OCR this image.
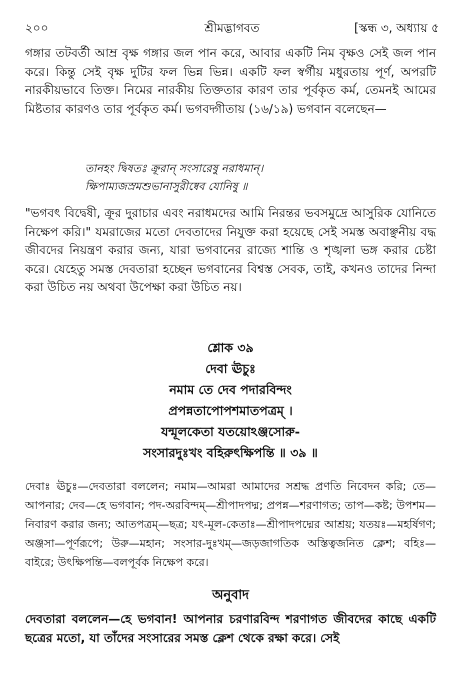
২০০	শ্রীমদ্ভাগবত	[স্কন্ধ ৩, অধ্যায় ৫

গঙ্গার তটবর্তী আম্র বৃক্ষ গঙ্গার জল পান করে, আবার একটি নিম বৃক্ষও সেই জল পান করে। কিন্তু সেই বৃক্ষ দুটির ফল ভিন্ন ভিন্ন। একটি ফল স্বর্গীয় মধুরতায় পূর্ণ, অপরটি নারকীয়ভাবে তিক্ত। নিমের নারকীয় তিক্ততার কারণ তার পূর্বকৃত কর্ম, তেমনই আমের মিষ্টতার কারণও তার পূর্বকৃত কর্ম। ভগবদ্গীতায় (১৬/১৯) ভগবান বলেছেন—

তানহং দ্বিষতঃ ক্রূরান্ সংসারেষু নরাধমান্।
ক্ষিপাম্যজস্রমশুভানাসুরীষ্বেব যোনিষু ॥

"ভগবৎ বিদ্বেষী, ক্রূর দুরাচার এবং নরাধমদের আমি নিরন্তর ভবসমুদ্রে আসুরিক যোনিতে নিক্ষেপ করি।" যমরাজের মতো দেবতাদের নিযুক্ত করা হয়েছে সেই সমস্ত অবাঞ্ছনীয় বদ্ধ জীবদের নিয়ন্ত্রণ করার জন্য, যারা ভগবানের রাজ্যে শান্তি ও শৃঙ্খলা ভঙ্গ করার চেষ্টা করে। যেহেতু সমস্ত দেবতারা হচ্ছেন ভগবানের বিশ্বস্ত সেবক, তাই, কখনও তাদের নিন্দা করা উচিত নয় অথবা উপেক্ষা করা উচিত নয়।

শ্লোক ৩৯
দেবা ঊচুঃ
নমাম তে দেব পদারবিন্দং
প্রপন্নতাপোপশমাতপত্রম্ ।
যন্মূলকেতা যতয়োঽঞ্জসোরু-
সংসারদুঃখং বহিরুৎক্ষিপন্তি ॥ ৩৯ ॥

দেবাঃ ঊচুঃ—দেবতারা বললেন; নমাম—আমরা আমাদের সশ্রদ্ধ প্রণতি নিবেদন করি; তে—আপনার; দেব—হে ভগবান; পদ-অরবিন্দম্—শ্রীপাদপদ্ম; প্রপন্ন—শরণাগত; তাপ—কষ্ট; উপশম—নিবারণ করার জন্য; আতপত্রম্—ছত্র; যৎ-মূল-কেতাঃ—শ্রীপাদপদ্মের আশ্রয়; যতয়ঃ—মহর্ষিগণ; অঞ্জসা—পূর্ণরূপে; উরু—মহান; সংসার-দুঃখম্—জড়জাগতিক অস্তিত্বজনিত ক্লেশ; বহিঃ—বাইরে; উৎক্ষিপন্তি—বলপূর্বক নিক্ষেপ করে।

অনুবাদ

দেবতারা বললেন—হে ভগবান! আপনার চরণারবিন্দ শরণাগত জীবদের কাছে একটি ছত্রের মতো, যা তাঁদের সংসারের সমস্ত ক্লেশ থেকে রক্ষা করে। সেই
